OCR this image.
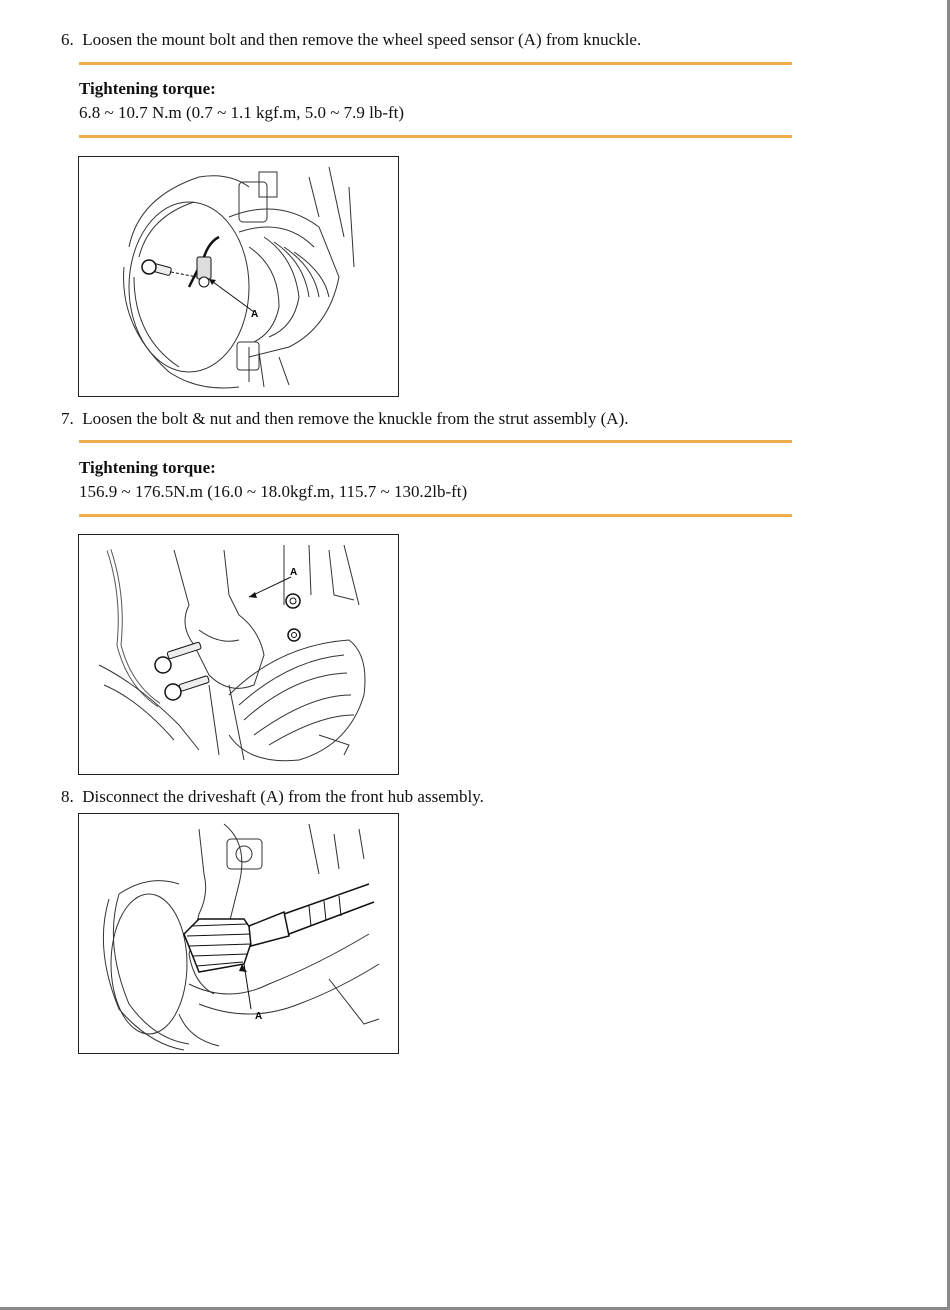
6. Loosen the mount bolt and then remove the wheel speed sensor (A) from knuckle.
Tightening torque:
6.8 ~ 10.7 N.m (0.7 ~ 1.1 kgf.m, 5.0 ~ 7.9 lb-ft)
A
7. Loosen the bolt & nut and then remove the knuckle from the strut assembly (A).
Tightening torque:
156.9 ~ 176.5N.m (16.0 ~ 18.0kgf.m, 115.7 ~ 130.2lb-ft)
A
8. Disconnect the driveshaft (A) from the front hub assembly.
A
